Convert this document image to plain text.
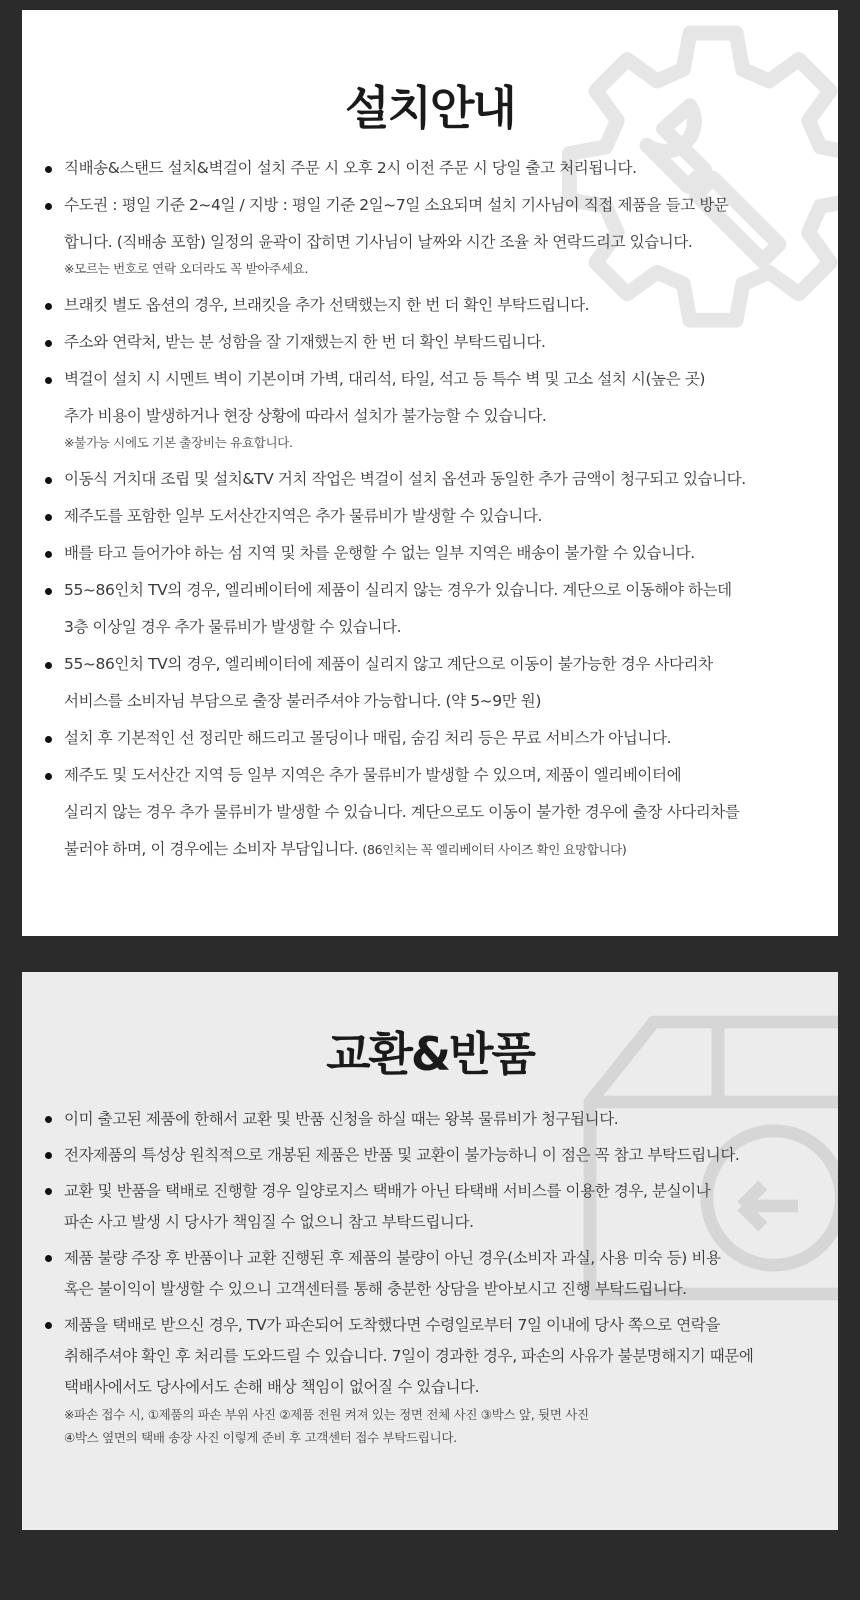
설치안내
직배송&스탠드 설치&벽걸이 설치 주문 시 오후 2시 이전 주문 시 당일 출고 처리됩니다.
수도권 : 평일 기준 2~4일 / 지방 : 평일 기준 2일~7일 소요되며 설치 기사님이 직접 제품을 들고 방문
합니다. (직배송 포함) 일정의 윤곽이 잡히면 기사님이 날짜와 시간 조율 차 연락드리고 있습니다.
※모르는 번호로 연락 오더라도 꼭 받아주세요.
브래킷 별도 옵션의 경우, 브래킷을 추가 선택했는지 한 번 더 확인 부탁드립니다.
주소와 연락처, 받는 분 성함을 잘 기재했는지 한 번 더 확인 부탁드립니다.
벽걸이 설치 시 시멘트 벽이 기본이며 가벽, 대리석, 타일, 석고 등 특수 벽 및 고소 설치 시(높은 곳)
추가 비용이 발생하거나 현장 상황에 따라서 설치가 불가능할 수 있습니다.
※불가능 시에도 기본 출장비는 유효합니다.
이동식 거치대 조립 및 설치&TV 거치 작업은 벽걸이 설치 옵션과 동일한 추가 금액이 청구되고 있습니다.
제주도를 포함한 일부 도서산간지역은 추가 물류비가 발생할 수 있습니다.
배를 타고 들어가야 하는 섬 지역 및 차를 운행할 수 없는 일부 지역은 배송이 불가할 수 있습니다.
55~86인치 TV의 경우, 엘리베이터에 제품이 실리지 않는 경우가 있습니다. 계단으로 이동해야 하는데
3층 이상일 경우 추가 물류비가 발생할 수 있습니다.
55~86인치 TV의 경우, 엘리베이터에 제품이 실리지 않고 계단으로 이동이 불가능한 경우 사다리차
서비스를 소비자님 부담으로 출장 불러주셔야 가능합니다. (약 5~9만 원)
설치 후 기본적인 선 정리만 해드리고 몰딩이나 매립, 숨김 처리 등은 무료 서비스가 아닙니다.
제주도 및 도서산간 지역 등 일부 지역은 추가 물류비가 발생할 수 있으며, 제품이 엘리베이터에
실리지 않는 경우 추가 물류비가 발생할 수 있습니다. 계단으로도 이동이 불가한 경우에 출장 사다리차를
불러야 하며, 이 경우에는 소비자 부담입니다. (86인치는 꼭 엘리베이터 사이즈 확인 요망합니다)
교환&반품
이미 출고된 제품에 한해서 교환 및 반품 신청을 하실 때는 왕복 물류비가 청구됩니다.
전자제품의 특성상 원칙적으로 개봉된 제품은 반품 및 교환이 불가능하니 이 점은 꼭 참고 부탁드립니다.
교환 및 반품을 택배로 진행할 경우 일양로지스 택배가 아닌 타택배 서비스를 이용한 경우, 분실이나
파손 사고 발생 시 당사가 책임질 수 없으니 참고 부탁드립니다.
제품 불량 주장 후 반품이나 교환 진행된 후 제품의 불량이 아닌 경우(소비자 과실, 사용 미숙 등) 비용
혹은 불이익이 발생할 수 있으니 고객센터를 통해 충분한 상담을 받아보시고 진행 부탁드립니다.
제품을 택배로 받으신 경우, TV가 파손되어 도착했다면 수령일로부터 7일 이내에 당사 쪽으로 연락을
취해주셔야 확인 후 처리를 도와드릴 수 있습니다. 7일이 경과한 경우, 파손의 사유가 불분명해지기 때문에
택배사에서도 당사에서도 손해 배상 책임이 없어질 수 있습니다.
※파손 접수 시, ①제품의 파손 부위 사진 ②제품 전원 켜져 있는 정면 전체 사진 ③박스 앞, 뒷면 사진
④박스 옆면의 택배 송장 사진 이렇게 준비 후 고객센터 접수 부탁드립니다.
